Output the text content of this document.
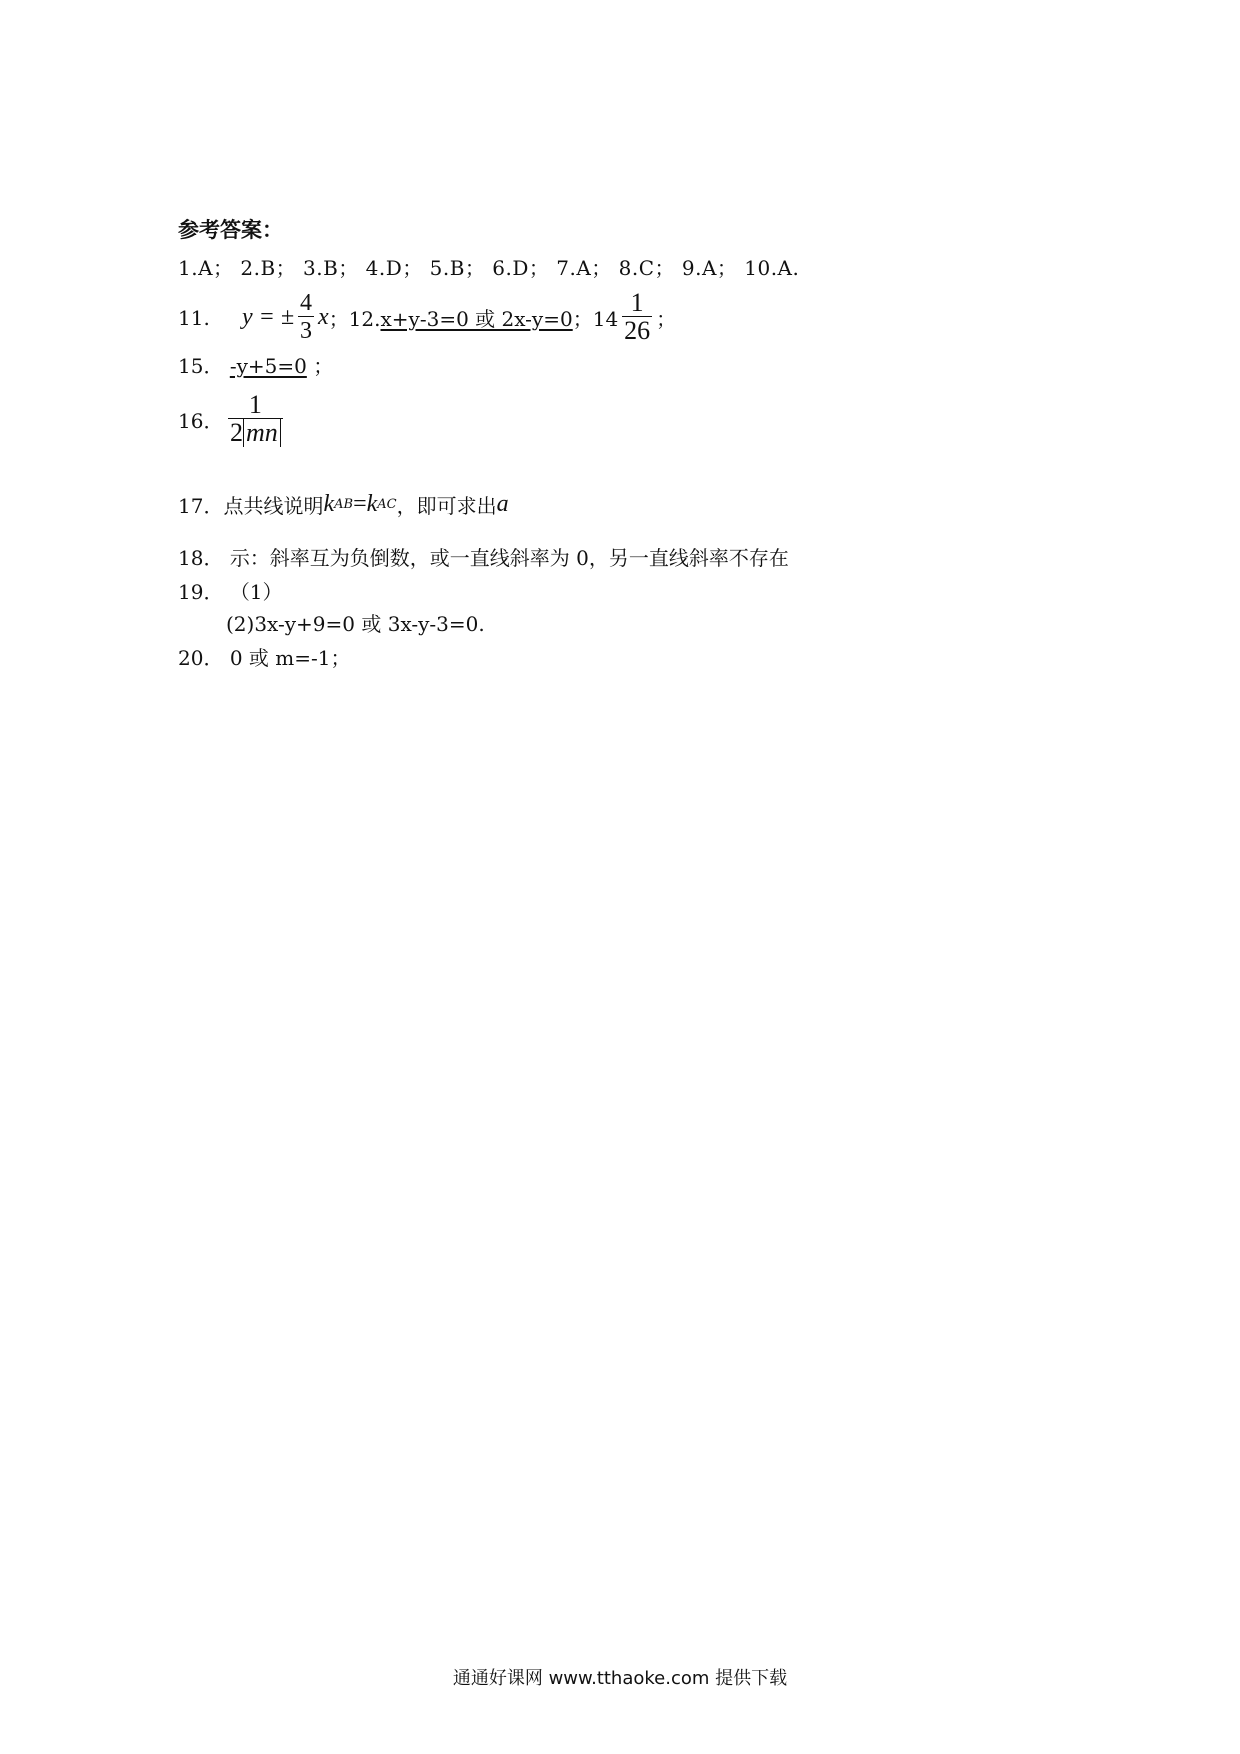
参考答案：
1.A； 2.B； 3.B； 4.D； 5.B； 6.D； 7.A； 8.C； 9.A； 10.A.
11.	y = ± $\frac{4}{3}$ x ；12. x+y-3=0 或 2x-y=0 ；$14 \frac{1}{26}$ ；
15． -y+5=0 ；
16． $\frac{1}{2 mn}$
17． 点共线说明 k AB = k AC ，即可求出 a
18． 示：斜率互为负倒数，或一直线斜率为 0，另一直线斜率不存在
19． （1）
(2)3x-y+9=0 或 3x-y-3=0.
20． 0 或 m=-1；
通通好课网 www.tthaoke.com 提供下载
